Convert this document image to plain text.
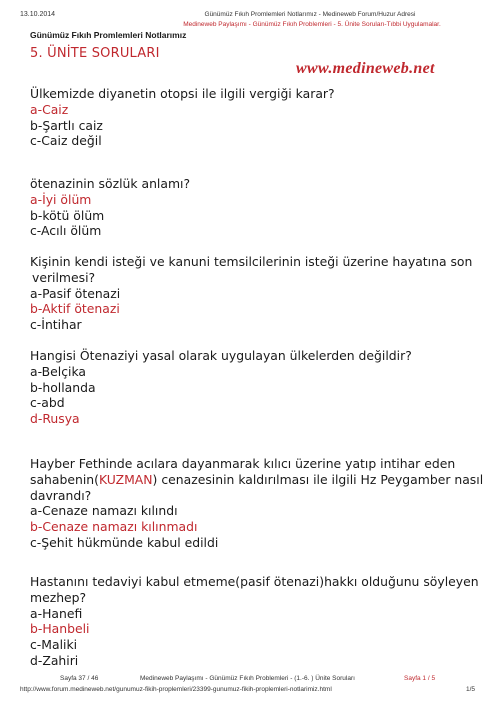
13.10.2014	Günümüz Fıkıh Promlemleri Notlarımız - Medineweb Forum/Huzur Adresi
Medineweb Paylaşımı - Günümüz Fıkıh Problemleri - 5. Ünite Soruları-Tıbbi Uygulamalar.
Günümüz Fıkıh Promlemleri Notlarımız
5. ÜNİTE SORULARI
www.medineweb.net
Ülkemizde diyanetin otopsi ile ilgili vergiği karar?
a-Caiz
b-Şartlı caiz
c-Caiz değil
ötenazinin sözlük anlamı?
a-İyi ölüm
b-kötü ölüm
c-Acılı ölüm
Kişinin kendi isteği ve kanuni temsilcilerinin isteği üzerine hayatına son
verilmesi?
a-Pasif ötenazi
b-Aktif ötenazi
c-İntihar
Hangisi Ötenaziyi yasal olarak uygulayan ülkelerden değildir?
a-Belçika
b-hollanda
c-abd
d-Rusya
Hayber Fethinde acılara dayanmarak kılıcı üzerine yatıp intihar eden
sahabenin(KUZMAN) cenazesinin kaldırılması ile ilgili Hz Peygamber nasıl
davrandı?
a-Cenaze namazı kılındı
b-Cenaze namazı kılınmadı
c-Şehit hükmünde kabul edildi
Hastanını tedaviyi kabul etmeme(pasif ötenazi)hakkı olduğunu söyleyen
mezhep?
a-Hanefi
b-Hanbeli
c-Maliki
d-Zahiri
Sayfa 37 / 46	Medineweb Paylaşımı - Günümüz Fıkıh Problemleri - (1.-6. ) Ünite Soruları	Sayfa 1 / 5
http://www.forum.medineweb.net/gunumuz-fikih-proplemleri/23399-gunumuz-fikih-proplemleri-notlarimiz.html	1/5
